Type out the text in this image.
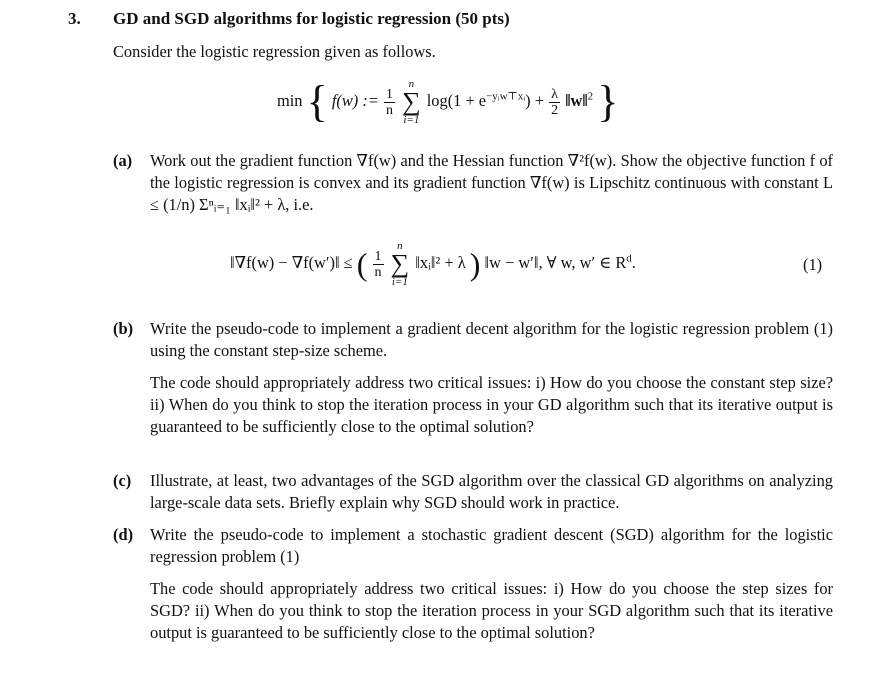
3. GD and SGD algorithms for logistic regression (50 pts)
Consider the logistic regression given as follows.
min { f(w) := $\frac{1}{n}$
n
∑
i=1 $\log(1 + e^{-yᵢw⊤xᵢ}) + \frac{\lambda}{2}$ ‖w‖$^2$ }
(a) Work out the gradient function ∇f(w) and the Hessian function ∇²f(w). Show the objective function f of the logistic regression is convex and its gradient function ∇f(w) is Lipschitz continuous with constant L ≤ (1/n) Σⁿᵢ₌₁ ‖xᵢ‖² + λ, i.e.
‖∇f(w) − ∇f(w′)‖ ≤ ( $\frac{1}{n}$
n
∑
i=1 ‖xᵢ‖² + λ ) ‖w − w′‖, ∀ w, w′ ∈ $R^d$.	(1)
(b) Write the pseudo-code to implement a gradient decent algorithm for the logistic regression problem (1) using the constant step-size scheme.
The code should appropriately address two critical issues: i) How do you choose the constant step size? ii) When do you think to stop the iteration process in your GD algorithm such that its iterative output is guaranteed to be sufficiently close to the optimal solution?
(c) Illustrate, at least, two advantages of the SGD algorithm over the classical GD algorithms on analyzing large-scale data sets. Briefly explain why SGD should work in practice.
(d) Write the pseudo-code to implement a stochastic gradient descent (SGD) algorithm for the logistic regression problem (1)
The code should appropriately address two critical issues: i) How do you choose the step sizes for SGD? ii) When do you think to stop the iteration process in your SGD algorithm such that its iterative output is guaranteed to be sufficiently close to the optimal solution?
